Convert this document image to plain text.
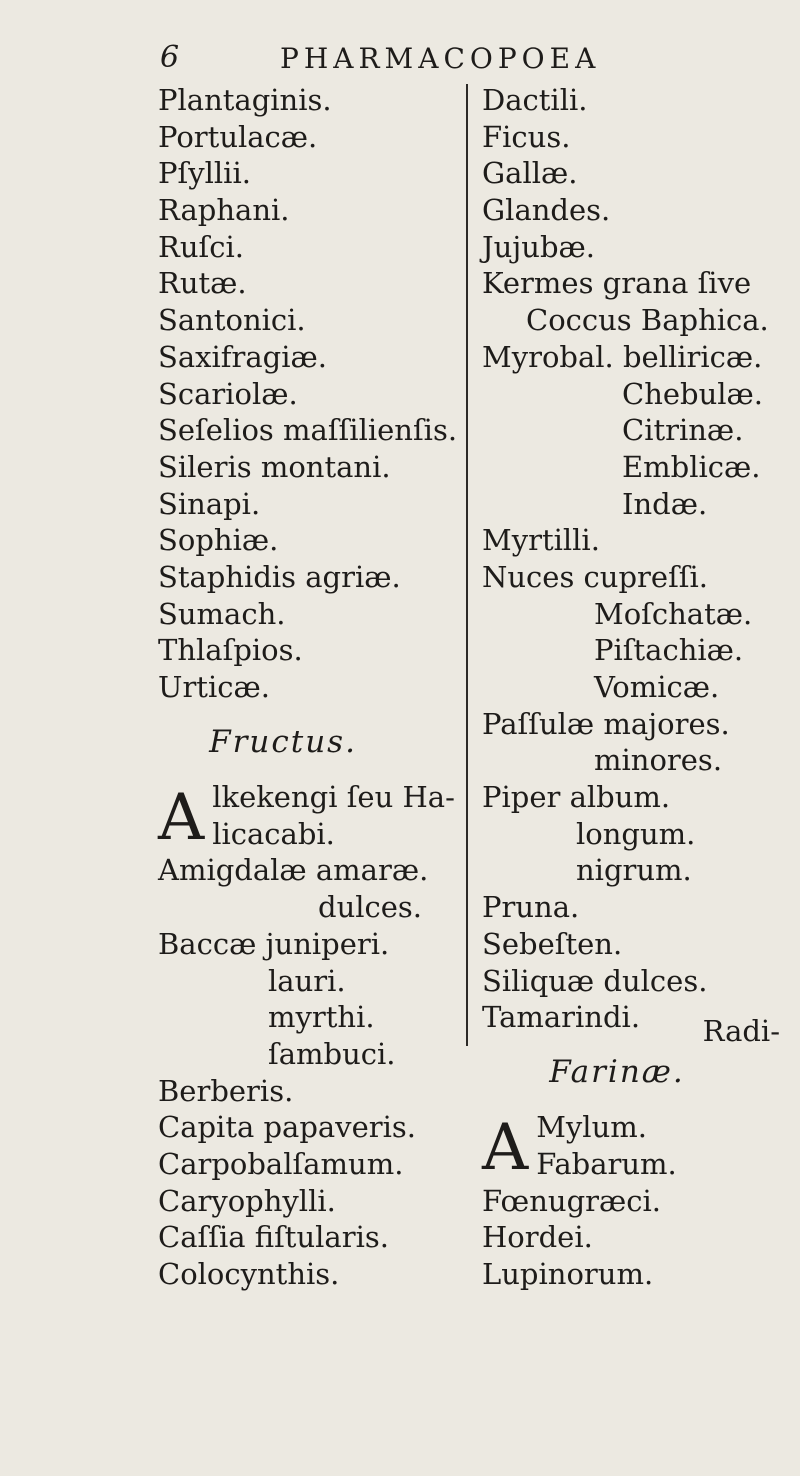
6	PHARMACOPOEA
Plantaginis.
Portulacæ.
Pſyllii.
Raphani.
Ruſci.
Rutæ.
Santonici.
Saxifragiæ.
Scariolæ.
Seſelios maſſilienſis.
Sileris montani.
Sinapi.
Sophiæ.
Staphidis agriæ.
Sumach.
Thlaſpios.
Urticæ.
Fructus.
A lkekengi ſeu Ha-
licacabi.
Amigdalæ amaræ.
dulces.
Baccæ juniperi.
lauri.
myrthi.
ſambuci.
Berberis.
Capita papaveris.
Carpobalſamum.
Caryophylli.
Caſſia fiſtularis.
Colocynthis.
Dactili.
Ficus.
Gallæ.
Glandes.
Jujubæ.
Kermes grana ſive
Coccus Baphica.
Myrobal. belliricæ.
Chebulæ.
Citrinæ.
Emblicæ.
Indæ.
Myrtilli.
Nuces cupreſſi.
Moſchatæ.
Piſtachiæ.
Vomicæ.
Paſſulæ majores.
minores.
Piper album.
longum.
nigrum.
Pruna.
Sebeſten.
Siliquæ dulces.
Tamarindi.
Farinæ.
A Mylum.
Fabarum.
Fœnugræci.
Hordei.
Lupinorum.
Radi-
